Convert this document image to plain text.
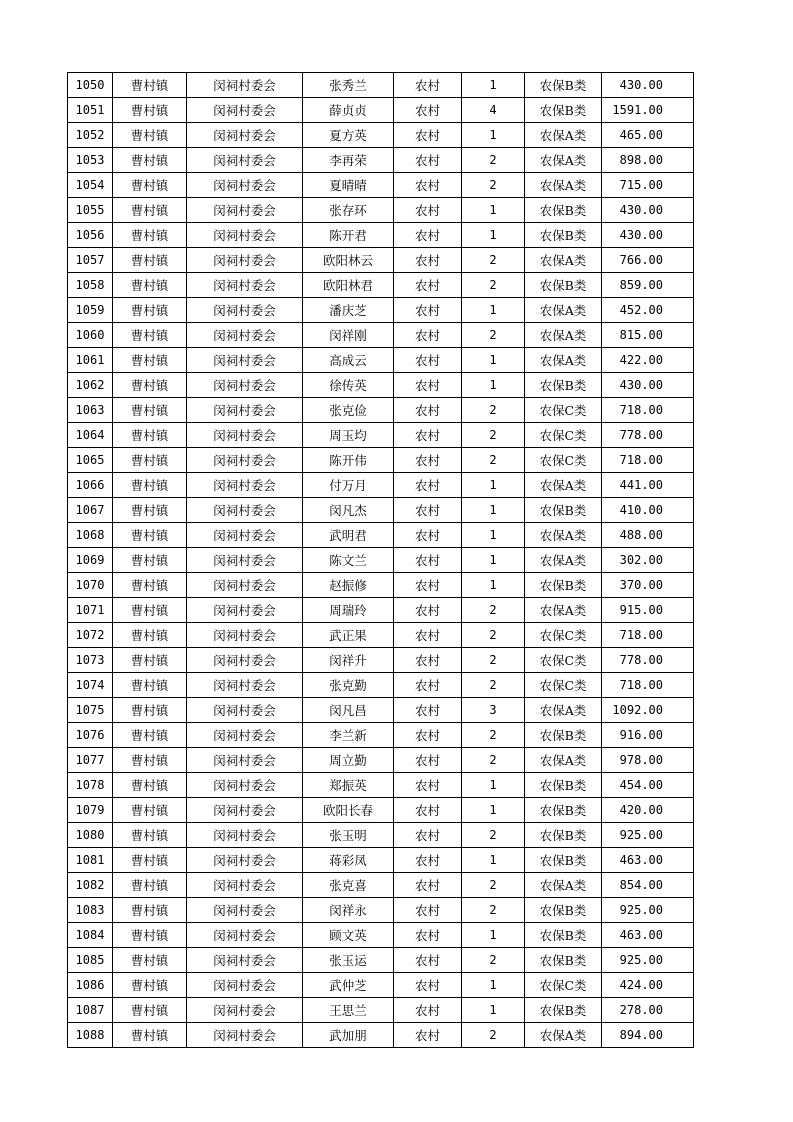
1050	曹村镇	闵祠村委会	张秀兰	农村	1	农保B类	430.00
1051	曹村镇	闵祠村委会	薛贞贞	农村	4	农保B类	1591.00
1052	曹村镇	闵祠村委会	夏方英	农村	1	农保A类	465.00
1053	曹村镇	闵祠村委会	李再荣	农村	2	农保A类	898.00
1054	曹村镇	闵祠村委会	夏晴晴	农村	2	农保A类	715.00
1055	曹村镇	闵祠村委会	张存环	农村	1	农保B类	430.00
1056	曹村镇	闵祠村委会	陈开君	农村	1	农保B类	430.00
1057	曹村镇	闵祠村委会	欧阳林云	农村	2	农保A类	766.00
1058	曹村镇	闵祠村委会	欧阳林君	农村	2	农保B类	859.00
1059	曹村镇	闵祠村委会	潘庆芝	农村	1	农保A类	452.00
1060	曹村镇	闵祠村委会	闵祥刚	农村	2	农保A类	815.00
1061	曹村镇	闵祠村委会	高成云	农村	1	农保A类	422.00
1062	曹村镇	闵祠村委会	徐传英	农村	1	农保B类	430.00
1063	曹村镇	闵祠村委会	张克俭	农村	2	农保C类	718.00
1064	曹村镇	闵祠村委会	周玉均	农村	2	农保C类	778.00
1065	曹村镇	闵祠村委会	陈开伟	农村	2	农保C类	718.00
1066	曹村镇	闵祠村委会	付万月	农村	1	农保A类	441.00
1067	曹村镇	闵祠村委会	闵凡杰	农村	1	农保B类	410.00
1068	曹村镇	闵祠村委会	武明君	农村	1	农保A类	488.00
1069	曹村镇	闵祠村委会	陈文兰	农村	1	农保A类	302.00
1070	曹村镇	闵祠村委会	赵振修	农村	1	农保B类	370.00
1071	曹村镇	闵祠村委会	周瑞玲	农村	2	农保A类	915.00
1072	曹村镇	闵祠村委会	武正果	农村	2	农保C类	718.00
1073	曹村镇	闵祠村委会	闵祥升	农村	2	农保C类	778.00
1074	曹村镇	闵祠村委会	张克勤	农村	2	农保C类	718.00
1075	曹村镇	闵祠村委会	闵凡昌	农村	3	农保A类	1092.00
1076	曹村镇	闵祠村委会	李兰新	农村	2	农保B类	916.00
1077	曹村镇	闵祠村委会	周立勤	农村	2	农保A类	978.00
1078	曹村镇	闵祠村委会	郑振英	农村	1	农保B类	454.00
1079	曹村镇	闵祠村委会	欧阳长春	农村	1	农保B类	420.00
1080	曹村镇	闵祠村委会	张玉明	农村	2	农保B类	925.00
1081	曹村镇	闵祠村委会	蒋彩凤	农村	1	农保B类	463.00
1082	曹村镇	闵祠村委会	张克喜	农村	2	农保A类	854.00
1083	曹村镇	闵祠村委会	闵祥永	农村	2	农保B类	925.00
1084	曹村镇	闵祠村委会	顾文英	农村	1	农保B类	463.00
1085	曹村镇	闵祠村委会	张玉运	农村	2	农保B类	925.00
1086	曹村镇	闵祠村委会	武仲芝	农村	1	农保C类	424.00
1087	曹村镇	闵祠村委会	王思兰	农村	1	农保B类	278.00
1088	曹村镇	闵祠村委会	武加朋	农村	2	农保A类	894.00
